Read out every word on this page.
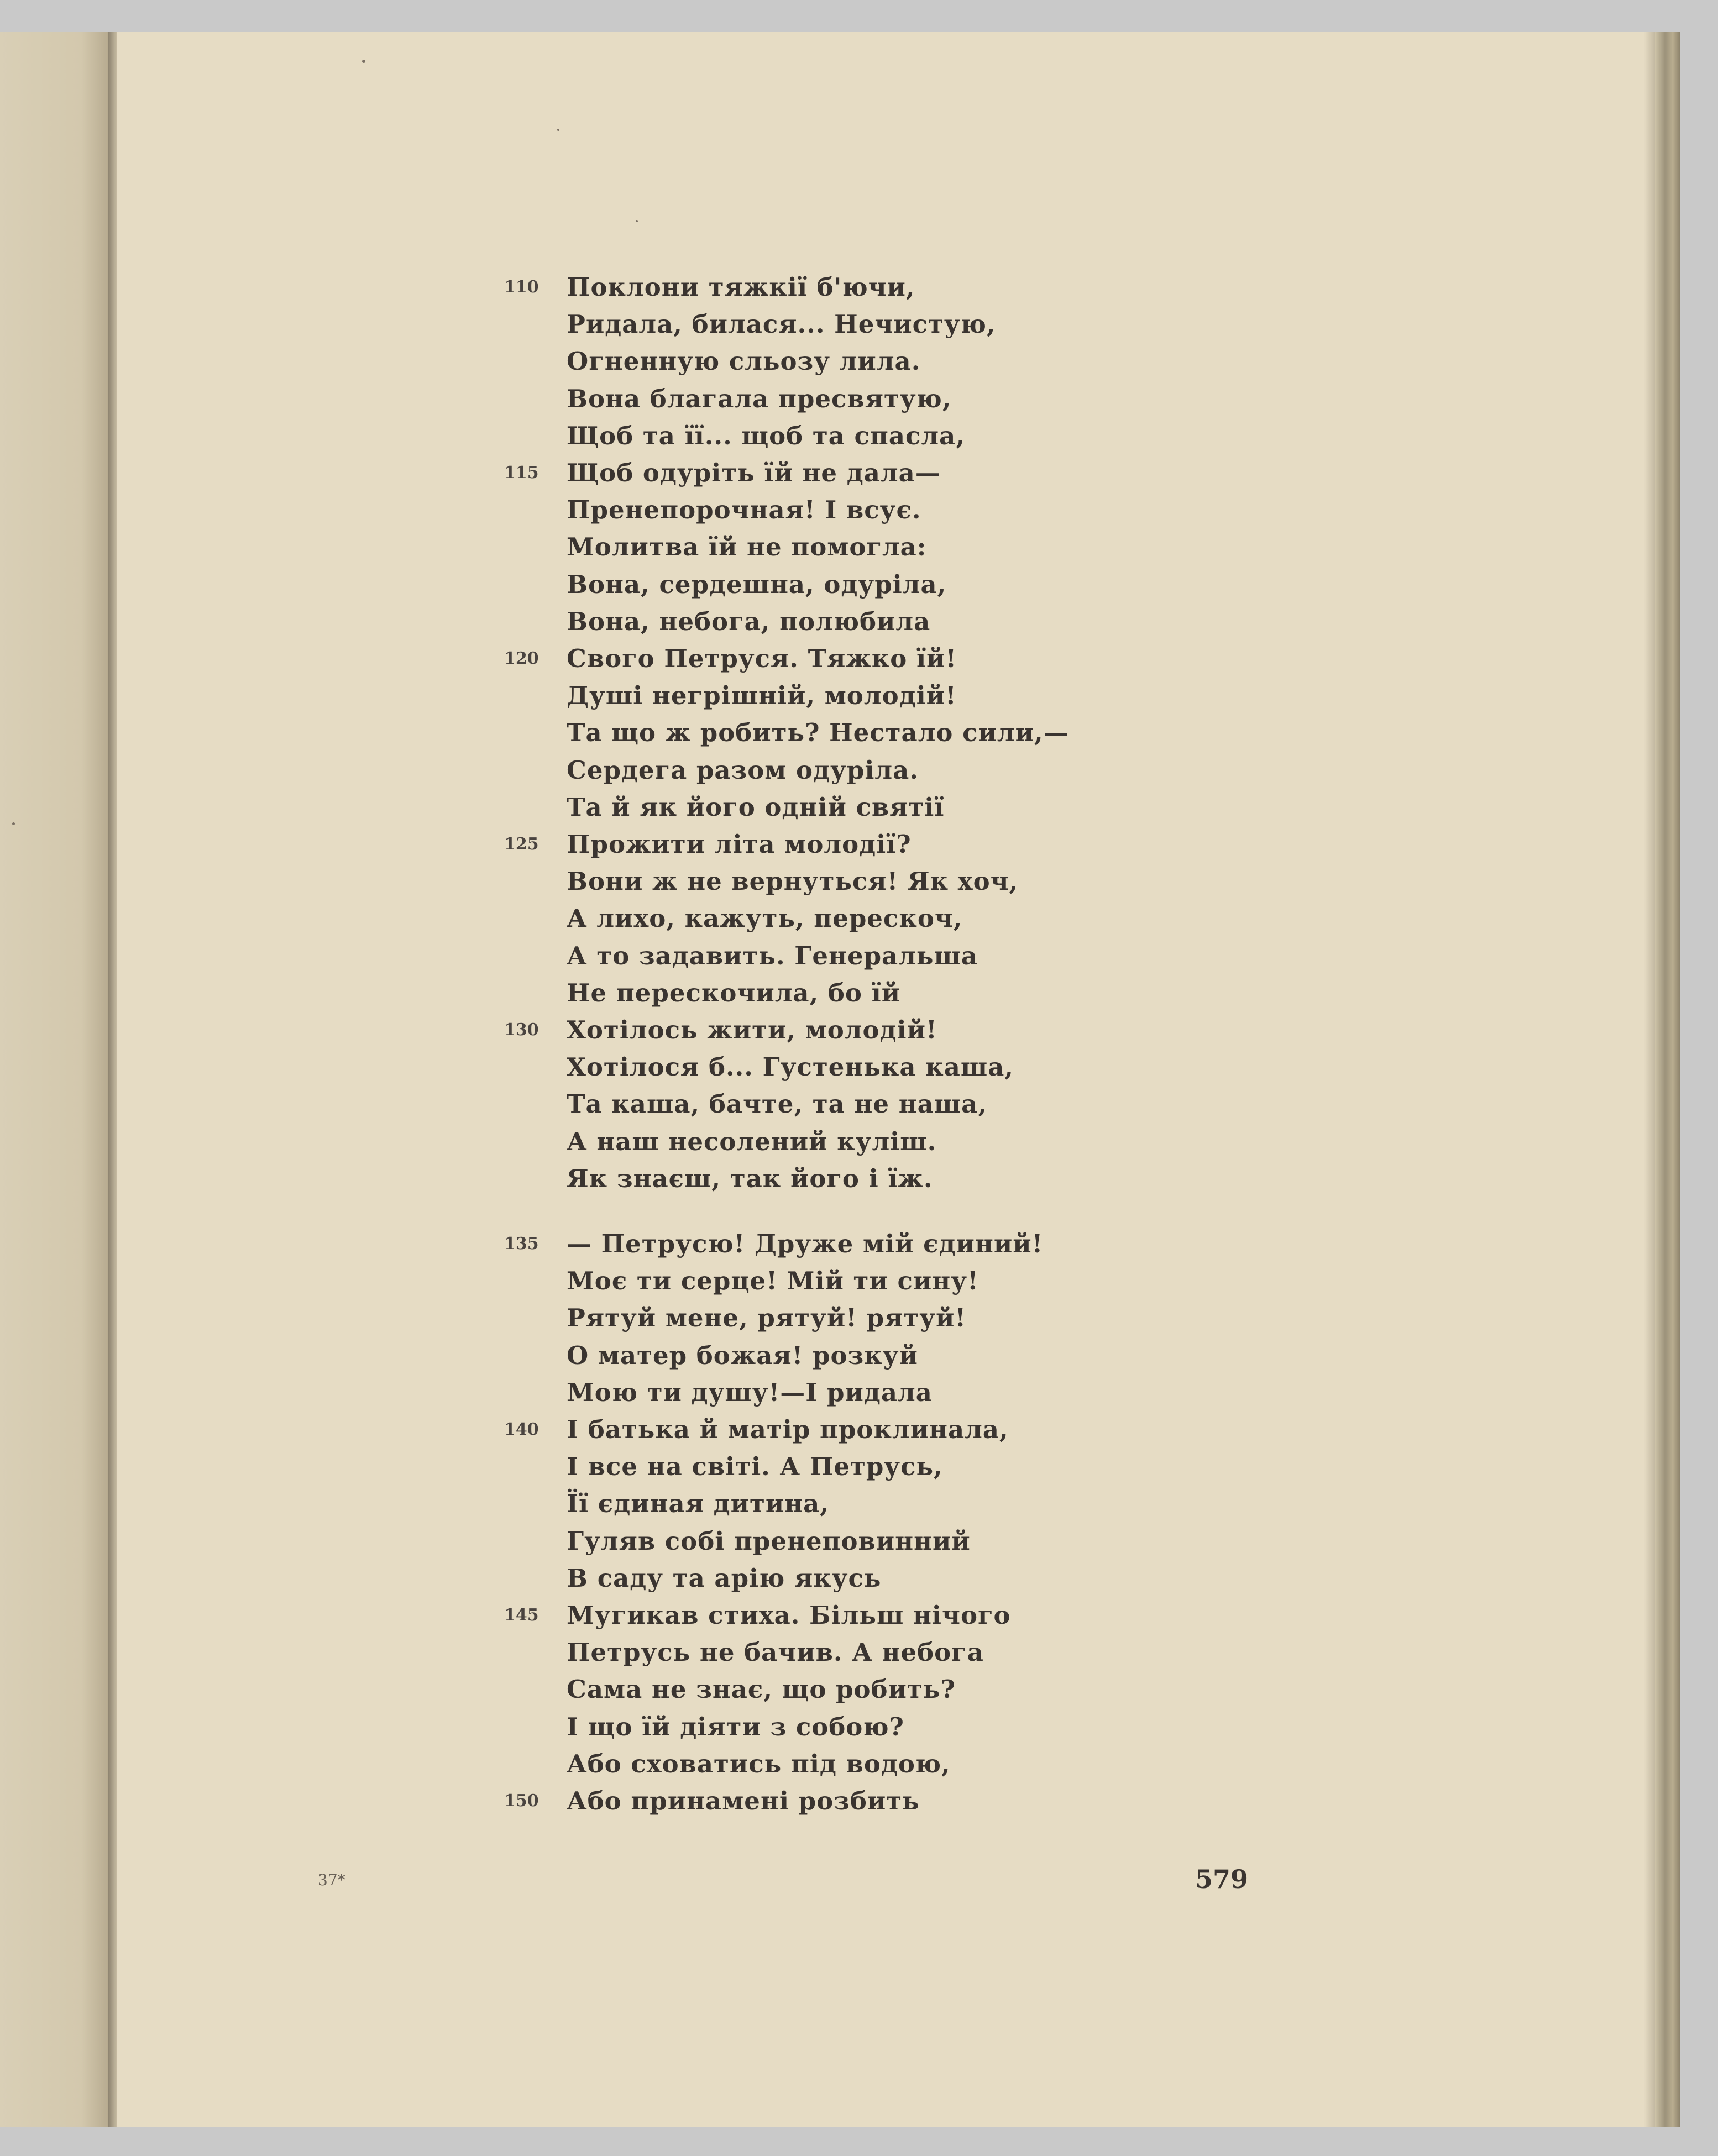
Поклони тяжкії б'ючи,
110
Ридала, билася... Нечистую,
Огненную сльозу лила.
Вона благала пресвятую,
Щоб та її... щоб та спасла,
Щоб одуріть їй не дала—
115
Пренепорочная! І всує.
Молитва їй не помогла:
Вона, сердешна, одуріла,
Вона, небога, полюбила
Свого Петруся. Тяжко їй!
120
Душі негрішній, молодій!
Та що ж робить? Нестало сили,—
Сердега разом одуріла.
Та й як його одній святії
Прожити літа молодії?
125
Вони ж не вернуться! Як хоч,
А лихо, кажуть, перескоч,
А то задавить. Генеральша
Не перескочила, бо їй
Хотілось жити, молодій!
130
Хотілося б... Густенька каша,
Та каша, бачте, та не наша,
А наш несолений куліш.
Як знаєш, так його і їж.
— Петрусю! Друже мій єдиний!
135
Моє ти серце! Мій ти сину!
Рятуй мене, рятуй! рятуй!
О матер божая! розкуй
Мою ти душу!—І ридала
І батька й матір проклинала,
140
І все на світі. А Петрусь,
Її єдиная дитина,
Гуляв собі пренеповинний
В саду та арію якусь
Мугикав стиха. Більш нічого
145
Петрусь не бачив. А небога
Сама не знає, що робить?
І що їй діяти з собою?
Або сховатись під водою,
Або принамені розбить
150
37*	579
